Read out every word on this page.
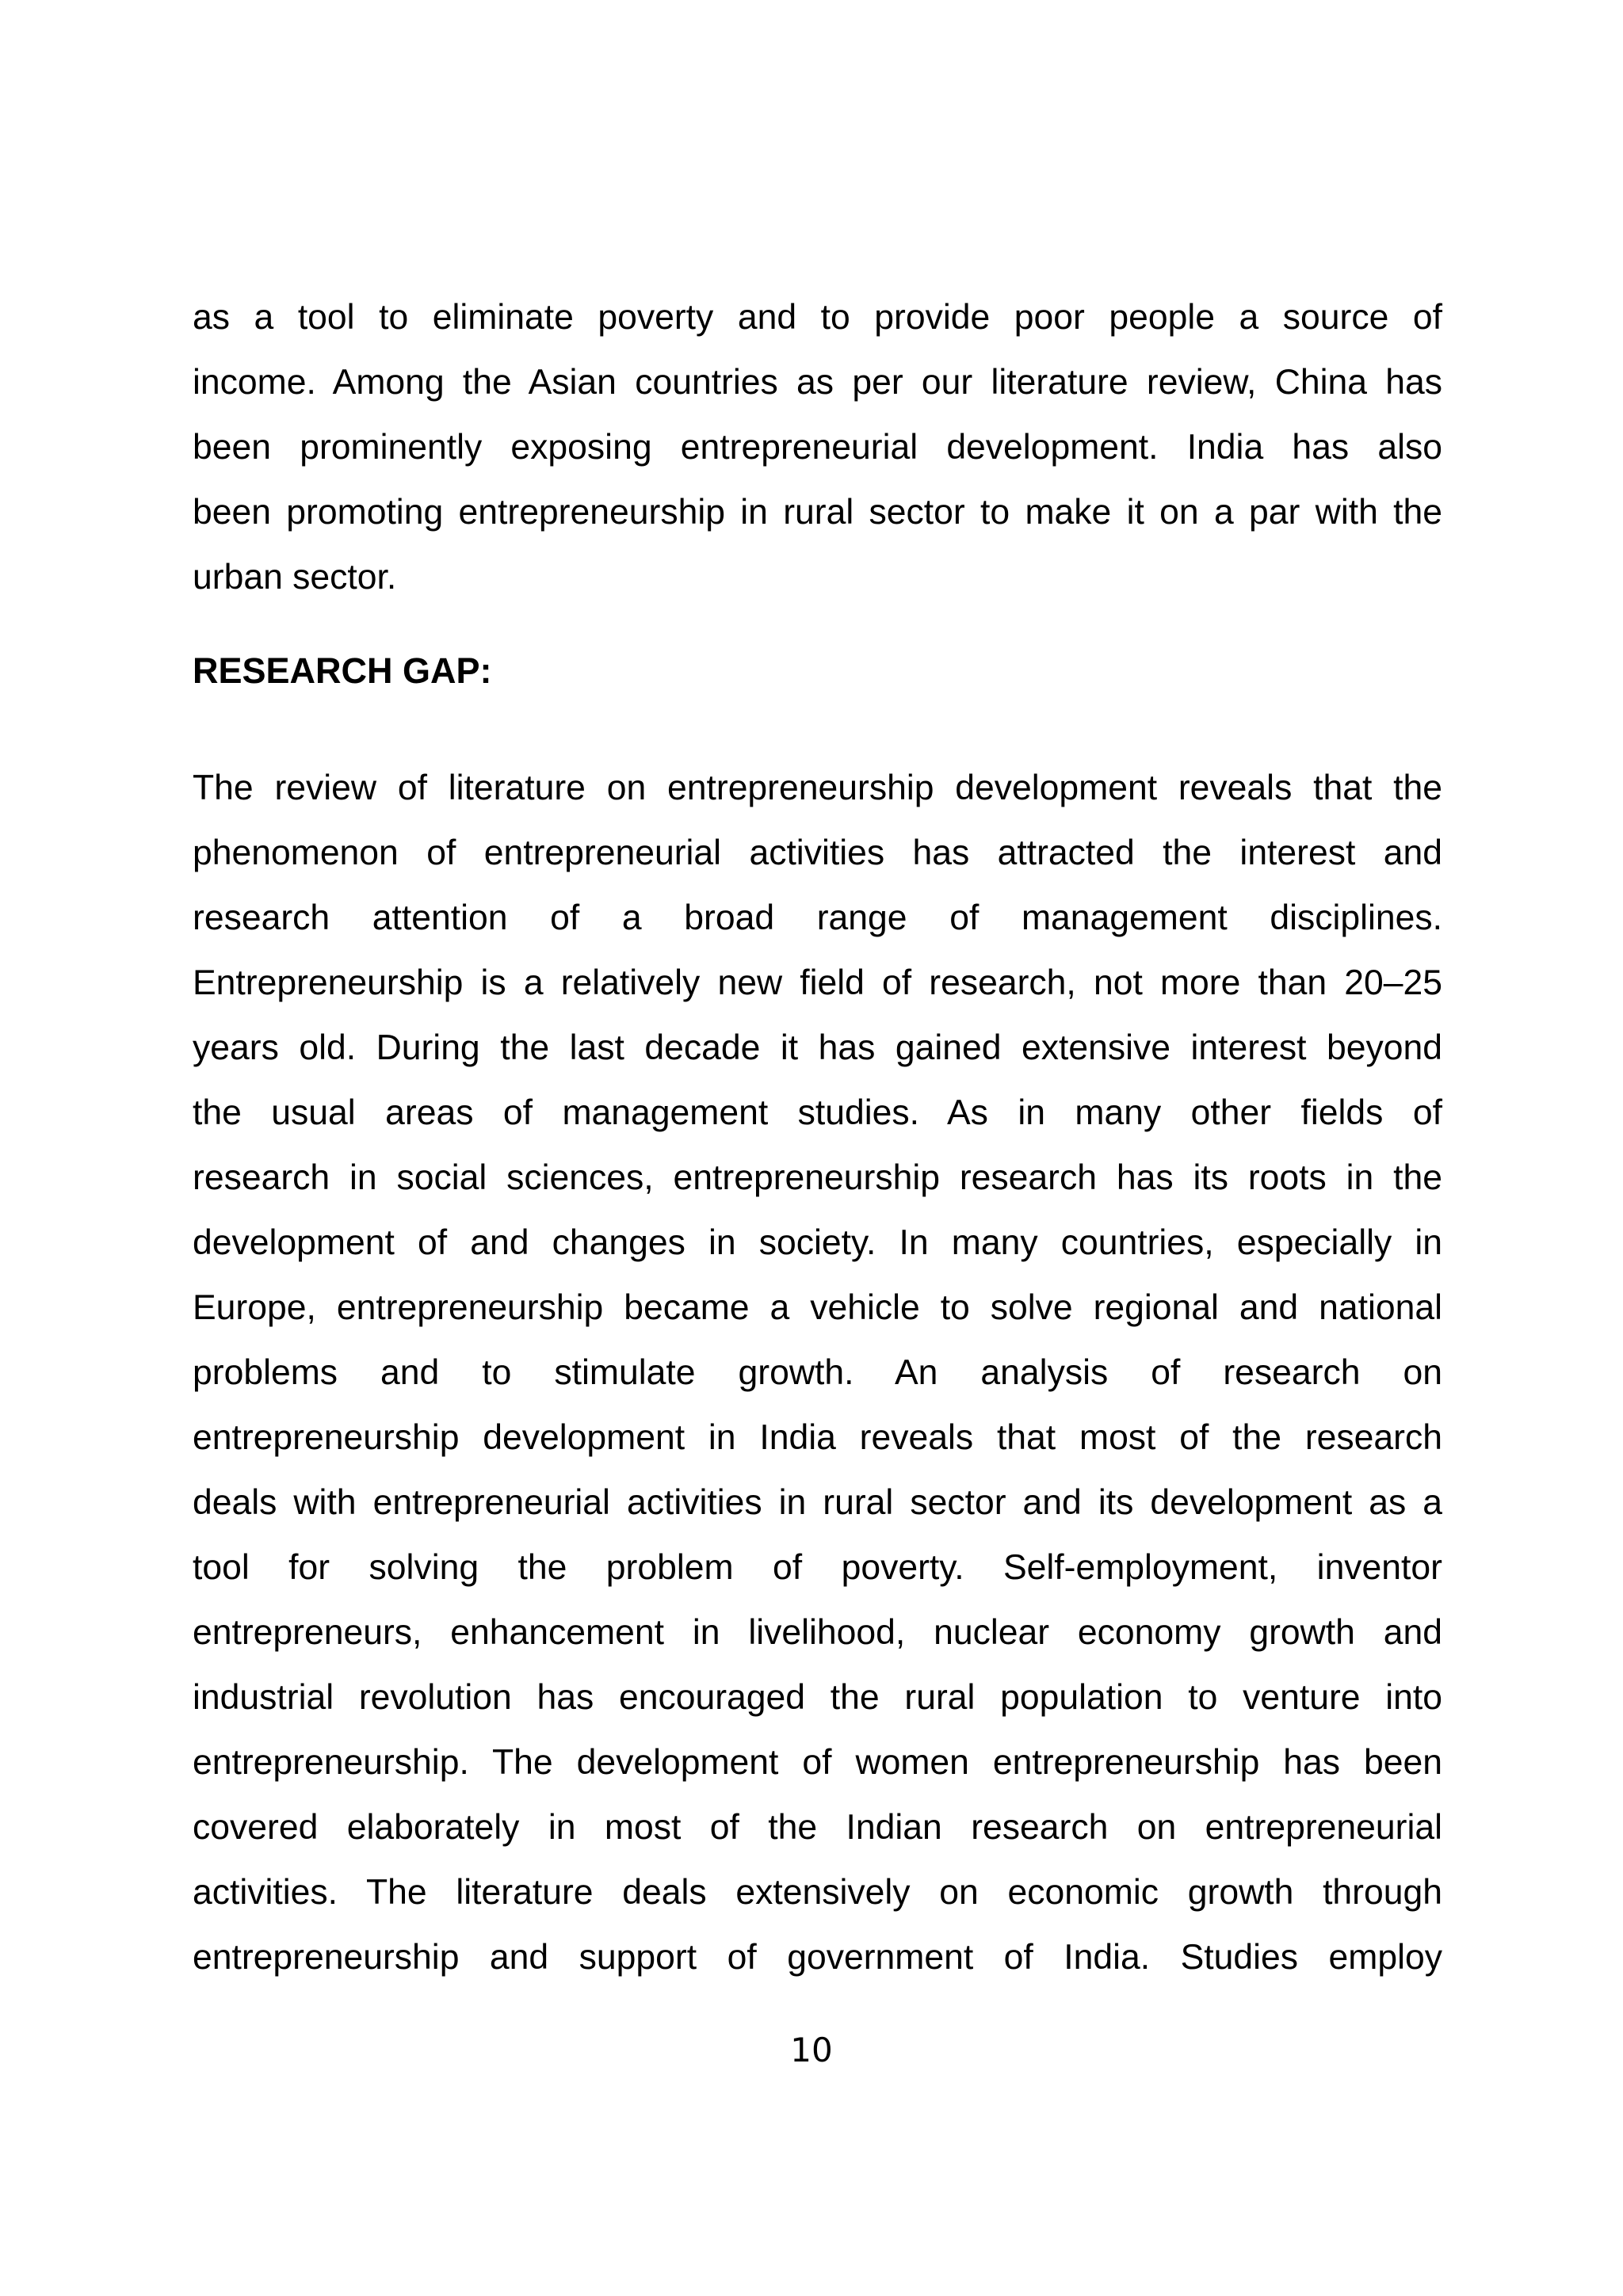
as a tool to eliminate poverty and to provide poor people a source of
income. Among the Asian countries as per our literature review, China has
been prominently exposing entrepreneurial development. India has also
been promoting entrepreneurship in rural sector to make it on a par with the
urban sector.

RESEARCH GAP:

The review of literature on entrepreneurship development reveals that the
phenomenon of entrepreneurial activities has attracted the interest and
research attention of a broad range of management disciplines.
Entrepreneurship is a relatively new field of research, not more than 20–25
years old. During the last decade it has gained extensive interest beyond
the usual areas of management studies. As in many other fields of
research in social sciences, entrepreneurship research has its roots in the
development of and changes in society. In many countries, especially in
Europe, entrepreneurship became a vehicle to solve regional and national
problems and to stimulate growth. An analysis of research on
entrepreneurship development in India reveals that most of the research
deals with entrepreneurial activities in rural sector and its development as a
tool for solving the problem of poverty. Self-employment, inventor
entrepreneurs, enhancement in livelihood, nuclear economy growth and
industrial revolution has encouraged the rural population to venture into
entrepreneurship. The development of women entrepreneurship has been
covered elaborately in most of the Indian research on entrepreneurial
activities. The literature deals extensively on economic growth through
entrepreneurship and support of government of India. Studies employ

10
